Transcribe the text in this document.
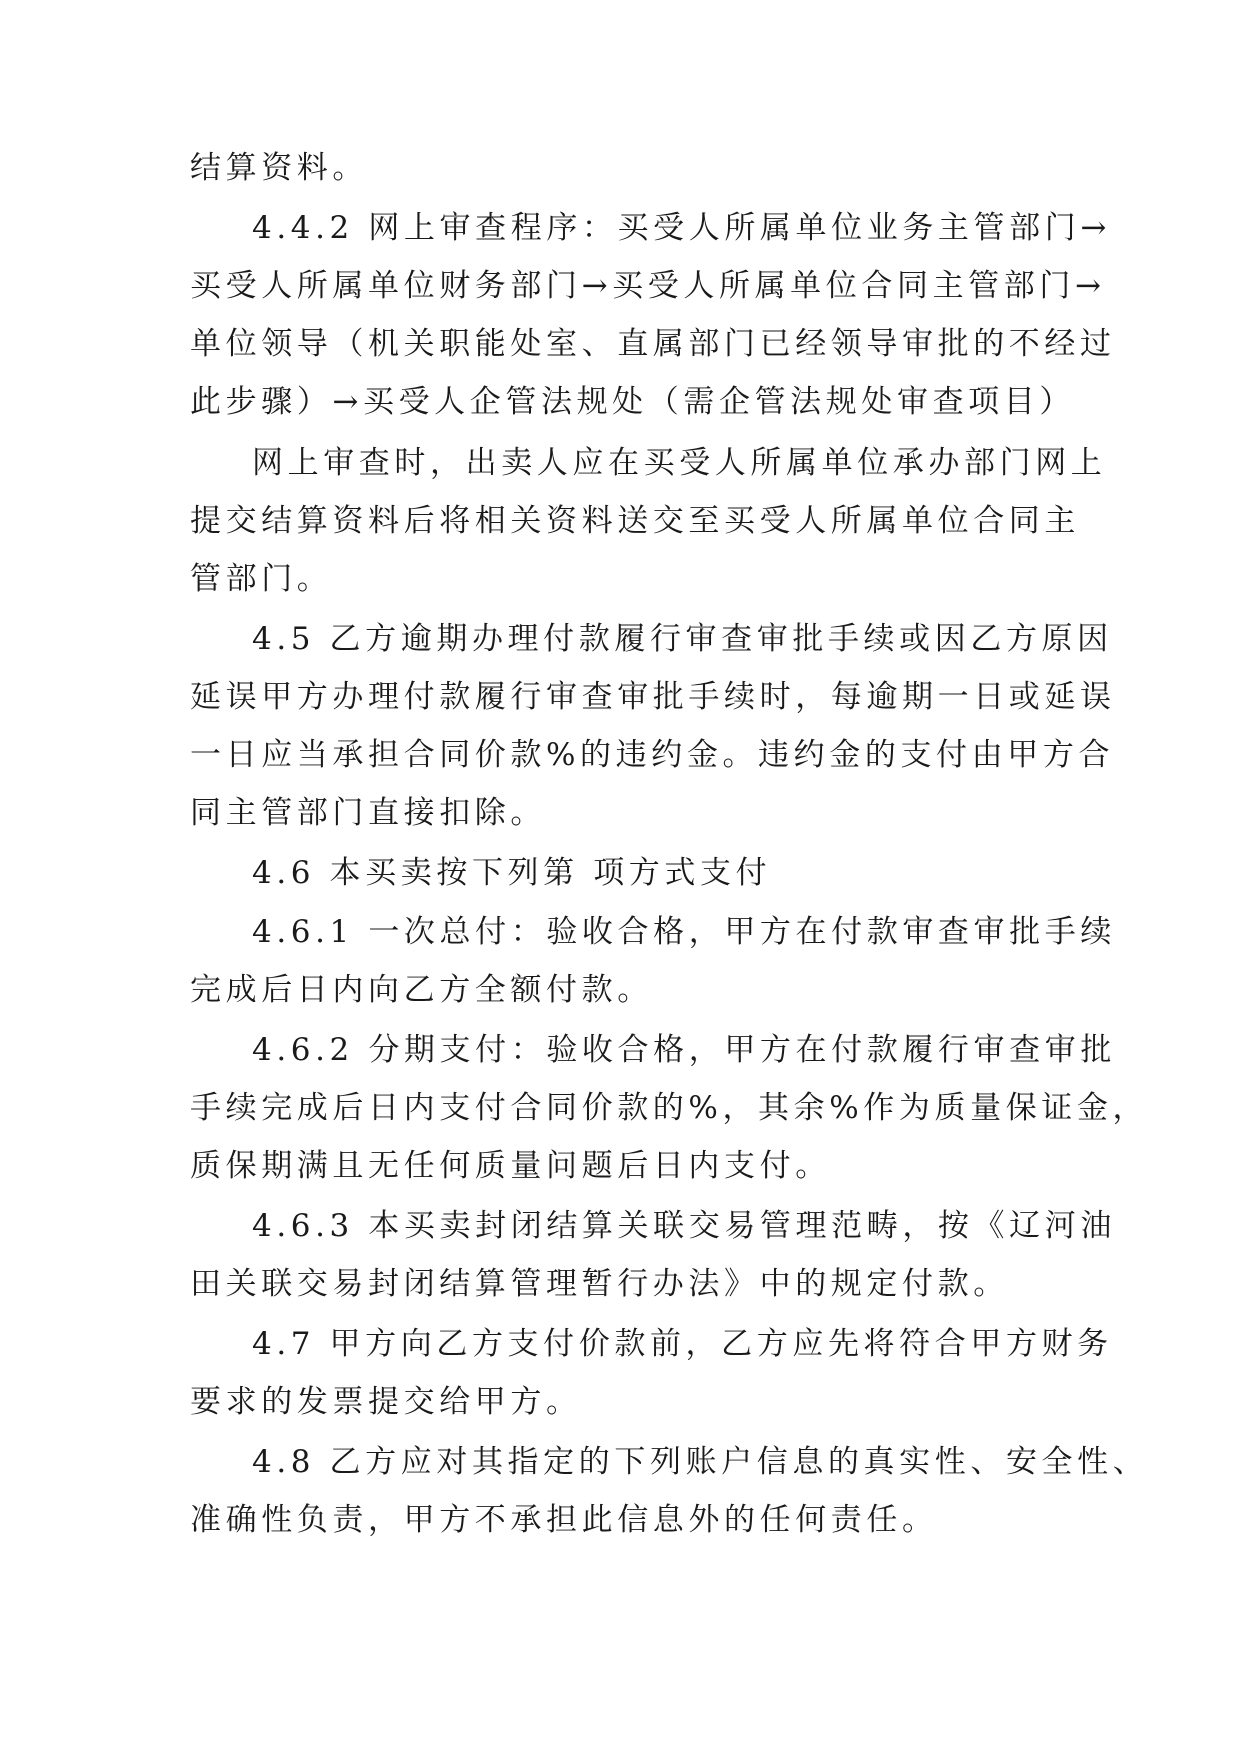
结算资料。
4.4.2 网上审查程序：买受人所属单位业务主管部门→
买受人所属单位财务部门→买受人所属单位合同主管部门→
单位领导（机关职能处室、直属部门已经领导审批的不经过
此步骤）→买受人企管法规处（需企管法规处审查项目）
网上审查时，出卖人应在买受人所属单位承办部门网上
提交结算资料后将相关资料送交至买受人所属单位合同主
管部门。
4.5 乙方逾期办理付款履行审查审批手续或因乙方原因
延误甲方办理付款履行审查审批手续时，每逾期一日或延误
一日应当承担合同价款%的违约金。违约金的支付由甲方合
同主管部门直接扣除。
4.6 本买卖按下列第 项方式支付
4.6.1 一次总付：验收合格，甲方在付款审查审批手续
完成后日内向乙方全额付款。
4.6.2 分期支付：验收合格，甲方在付款履行审查审批
手续完成后日内支付合同价款的%，其余%作为质量保证金，
质保期满且无任何质量问题后日内支付。
4.6.3 本买卖封闭结算关联交易管理范畴，按《辽河油
田关联交易封闭结算管理暂行办法》中的规定付款。
4.7 甲方向乙方支付价款前，乙方应先将符合甲方财务
要求的发票提交给甲方。
4.8 乙方应对其指定的下列账户信息的真实性、安全性、
准确性负责，甲方不承担此信息外的任何责任。
